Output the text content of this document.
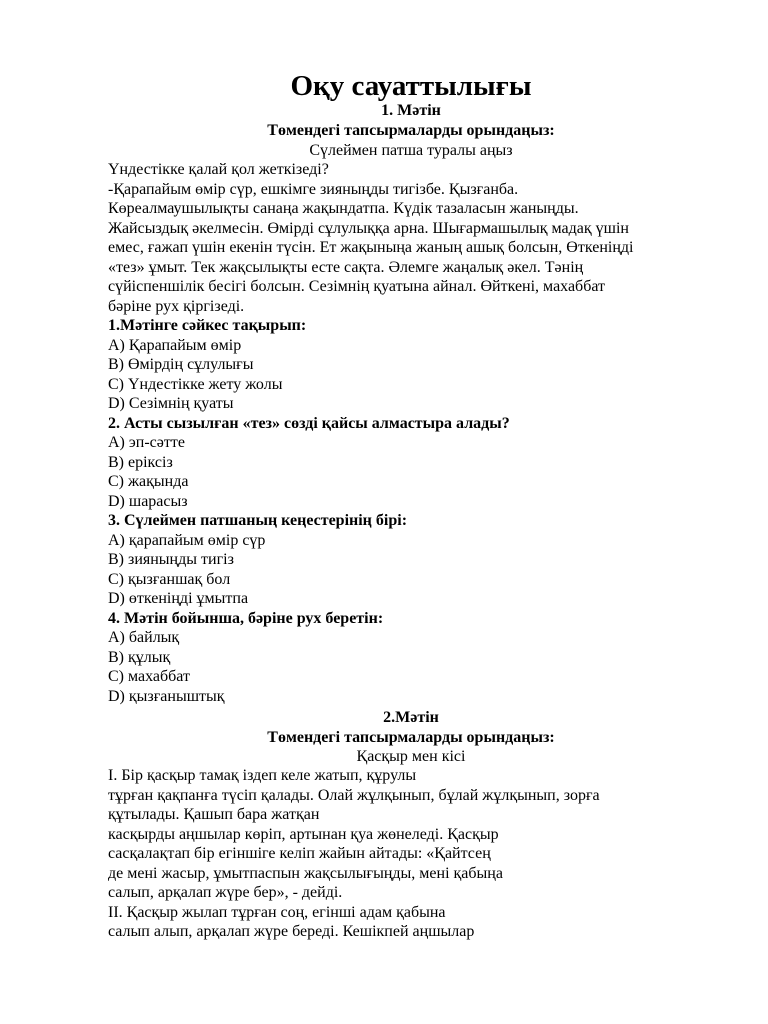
Оқу сауаттылығы

1. Мәтін

Төмендегі тапсырмаларды орындаңыз:

Сүлеймен патша туралы аңыз

Үндестікке қалай қол жеткізеді?

-Қарапайым өмір сүр, ешкімге зияныңды тигізбе. Қызғанба.

Көреалмаушылықты санаңа жақындатпа. Күдік тазаласын жаныңды.

Жайсыздық әкелмесін. Өмірді сұлулыққа арна. Шығармашылық мадақ үшін

емес, ғажап үшін екенін түсін. Ет жақыныңа жаның ашық болсын, Өткеніңді

«тез» ұмыт. Тек жақсылықты есте сақта. Әлемге жаңалық әкел. Тәнің

сүйіспеншілік бесігі болсын. Сезімнің қуатына айнал. Өйткені, махаббат

бәріне рух қіргізеді.

1.Мәтінге сәйкес тақырып:

A) Қарапайым өмір

B) Өмірдің сұлулығы

C) Үндестікке жету жолы

D) Сезімнің қуаты

2. Асты сызылған «тез» сөзді қайсы алмастыра алады?

A) эп-сәтте

B) еріксіз

C) жақында

D) шарасыз

3. Сүлеймен патшаның кеңестерінің бірі:

A) қарапайым өмір сүр

B) зияныңды тигіз

C) қызғаншақ бол

D) өткеніңді ұмытпа

4. Мәтін бойынша, бәріне рух беретін:

A) байлық

B) құлық

C) махаббат

D) қызғаныштық

2.Мәтін

Төмендегі тапсырмаларды орындаңыз:

Қасқыр мен кісі

I. Бір қасқыр тамақ іздеп келе жатып, құрулы

тұрған қақпанға түсіп қалады. Олай жұлқынып, бұлай жұлқынып, зорға

құтылады. Қашып бара жатқан

касқырды аңшылар көріп, артынан қуа жөнеледі. Қасқыр

сасқалақтап бір егіншіге келіп жайын айтады: «Қайтсең

де мені жасыр, ұмытпаспын жақсылығыңды, мені қабыңа

салып, арқалап жүре бер», - дейді.

II. Қасқыр жылап тұрған соң, егінші адам қабына

салып алып, арқалап жүре береді. Кешікпей аңшылар
